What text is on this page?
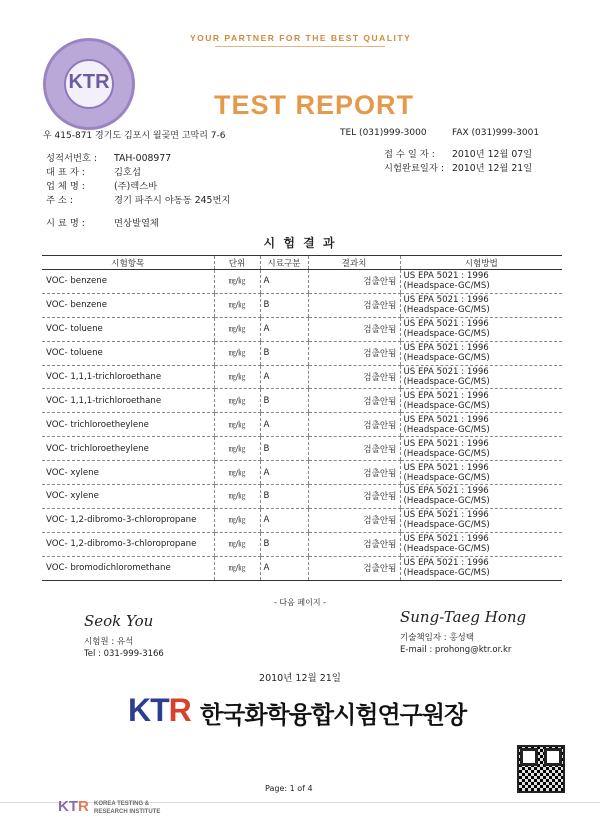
YOUR PARTNER FOR THE BEST QUALITY
KTR
TEST REPORT
우 415-871 경기도 김포시 월곶면 고막리 7-6	TEL (031)999-3000	FAX (031)999-3001
성적서번호 : TAH-008977
대 표 자 :	김호섭
업 체 명 :	(주)렉스바
주 소 :	경기 파주시 야동동 245번지
접 수 일 자 : 2010년 12월 07일
시험완료일자 : 2010년 12월 21일
시 료 명 :	면상발열체
시 험 결 과
시험항목	단위	시료구분	결과치	시험방법
VOC- benzene	㎎/㎏	A	검출안됨	US EPA 5021 : 1996
(Headspace-GC/MS)

VOC- benzene	㎎/㎏	B	검출안됨	US EPA 5021 : 1996
(Headspace-GC/MS)

VOC- toluene	㎎/㎏	A	검출안됨	US EPA 5021 : 1996
(Headspace-GC/MS)

VOC- toluene	㎎/㎏	B	검출안됨	US EPA 5021 : 1996
(Headspace-GC/MS)

VOC- 1,1,1-trichloroethane	㎎/㎏	A	검출안됨	US EPA 5021 : 1996
(Headspace-GC/MS)

VOC- 1,1,1-trichloroethane	㎎/㎏	B	검출안됨	US EPA 5021 : 1996
(Headspace-GC/MS)

VOC- trichloroetheylene	㎎/㎏	A	검출안됨	US EPA 5021 : 1996
(Headspace-GC/MS)

VOC- trichloroetheylene	㎎/㎏	B	검출안됨	US EPA 5021 : 1996
(Headspace-GC/MS)

VOC- xylene	㎎/㎏	A	검출안됨	US EPA 5021 : 1996
(Headspace-GC/MS)

VOC- xylene	㎎/㎏	B	검출안됨	US EPA 5021 : 1996
(Headspace-GC/MS)

VOC- 1,2-dibromo-3-chloropropane	㎎/㎏	A	검출안됨	US EPA 5021 : 1996
(Headspace-GC/MS)

VOC- 1,2-dibromo-3-chloropropane	㎎/㎏	B	검출안됨	US EPA 5021 : 1996
(Headspace-GC/MS)

VOC- bromodichloromethane	㎎/㎏	A	검출안됨	US EPA 5021 : 1996
(Headspace-GC/MS)
- 다음 페이지 -
Seok You
시험원 : 유석
Tel : 031-999-3166
Sung-Taeg Hong
기술책임자 : 홍성택
E-mail : prohong@ktr.or.kr
2010년 12월 21일
KTR 한국화학융합시험연구원장
Page: 1 of 4
KTR KOREA TESTING &
RESEARCH INSTITUTE
